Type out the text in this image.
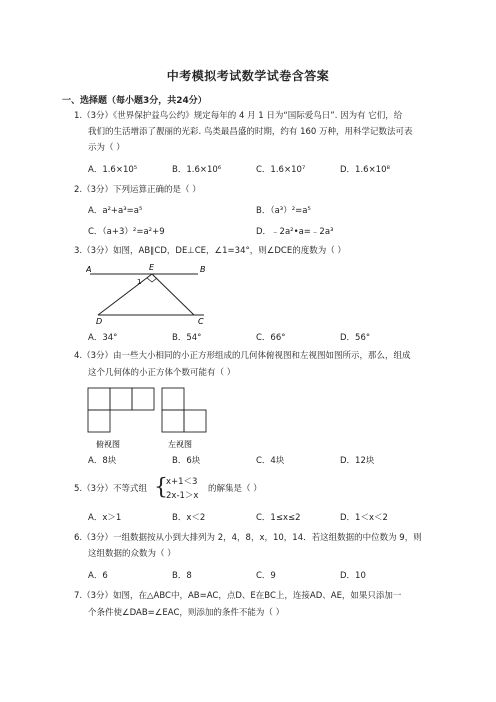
中考模拟考试数学试卷含答案
一、选择题（每小题3分，共24分）
1.（3分）《世界保护益鸟公约》规定每年的 4 月 1 日为“国际爱鸟日”. 因为有 它们，给
我们的生活增添了靓丽的光彩. 鸟类最昌盛的时期，约有 160 万种，用科学记数法可表
示为（ ）
A．1.6×10⁵	B．1.6×10⁶	C．1.6×10⁷	D．1.6×10⁸
2.（3分）下列运算正确的是（ ）
A．a²+a³=a⁵	B．（a³）²=a⁵
C．（a+3）²=a²+9	D．﹣2a²•a=﹣2a³
3.（3分）如图，AB∥CD，DE⊥CE，∠1=34°，则∠DCE的度数为（ ）
A	E	B
1
D	C
A．34°	B．54°	C．66°	D．56°
4.（3分）由一些大小相同的小正方形组成的几何体俯视图和左视图如图所示，那么，组成
这个几何体的小正方体个数可能有（ ）
俯视图	左视图
A．8块	B．6块	C．4块	D．12块
5.（3分）不等式组 {
x+1＜3
2x-1＞x
的解集是（ ）
A．x＞1	B．x＜2	C．1≤x≤2	D．1＜x＜2
6.（3分）一组数据按从小到大排列为 2，4，8，x，10，14．若这组数据的中位数为 9，则
这组数据的众数为（ ）
A．6	B．8	C．9	D．10
7.（3分）如图，在△ABC中，AB=AC，点D、E在BC上，连接AD、AE，如果只添加一
个条件使∠DAB=∠EAC，则添加的条件不能为（ ）
